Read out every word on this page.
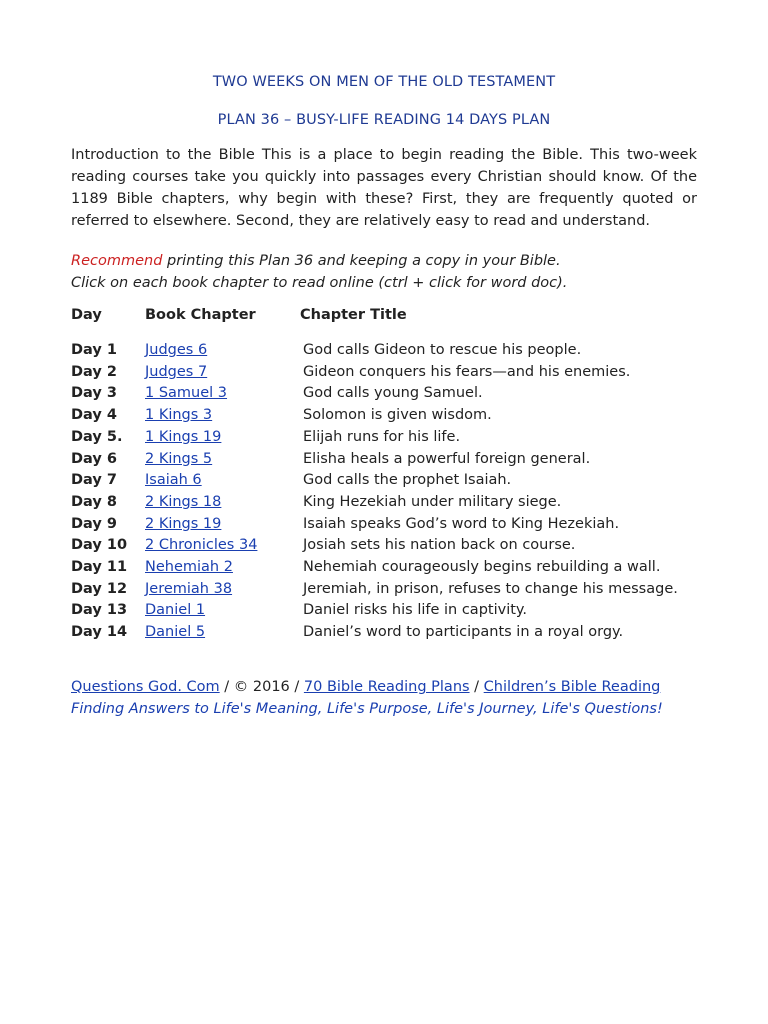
TWO WEEKS ON MEN OF THE OLD TESTAMENT
PLAN 36 – BUSY-LIFE READING 14 DAYS PLAN

Introduction to the Bible This is a place to begin reading the Bible. This two-week reading courses take you quickly into passages every Christian should know. Of the 1189 Bible chapters, why begin with these? First, they are frequently quoted or referred to elsewhere. Second, they are relatively easy to read and understand.

Recommend printing this Plan 36 and keeping a copy in your Bible.
Click on each book chapter to read online (ctrl + click for word doc).
Day	Book Chapter	Chapter Title
Day 1	Judges 6	God calls Gideon to rescue his people.
Day 2	Judges 7	Gideon conquers his fears—and his enemies.
Day 3	1 Samuel 3	God calls young Samuel.
Day 4	1 Kings 3	Solomon is given wisdom.
Day 5.	1 Kings 19	Elijah runs for his life.
Day 6	2 Kings 5	Elisha heals a powerful foreign general.
Day 7	Isaiah 6	God calls the prophet Isaiah.
Day 8	2 Kings 18	King Hezekiah under military siege.
Day 9	2 Kings 19	Isaiah speaks God’s word to King Hezekiah.
Day 10	2 Chronicles 34	Josiah sets his nation back on course.
Day 11	Nehemiah 2	Nehemiah courageously begins rebuilding a wall.
Day 12	Jeremiah 38	Jeremiah, in prison, refuses to change his message.
Day 13	Daniel 1	Daniel risks his life in captivity.
Day 14	Daniel 5	Daniel’s word to participants in a royal orgy.
Questions God. Com / © 2016 / 70 Bible Reading Plans / Children’s Bible Reading
Finding Answers to Life's Meaning, Life's Purpose, Life's Journey, Life's Questions!
